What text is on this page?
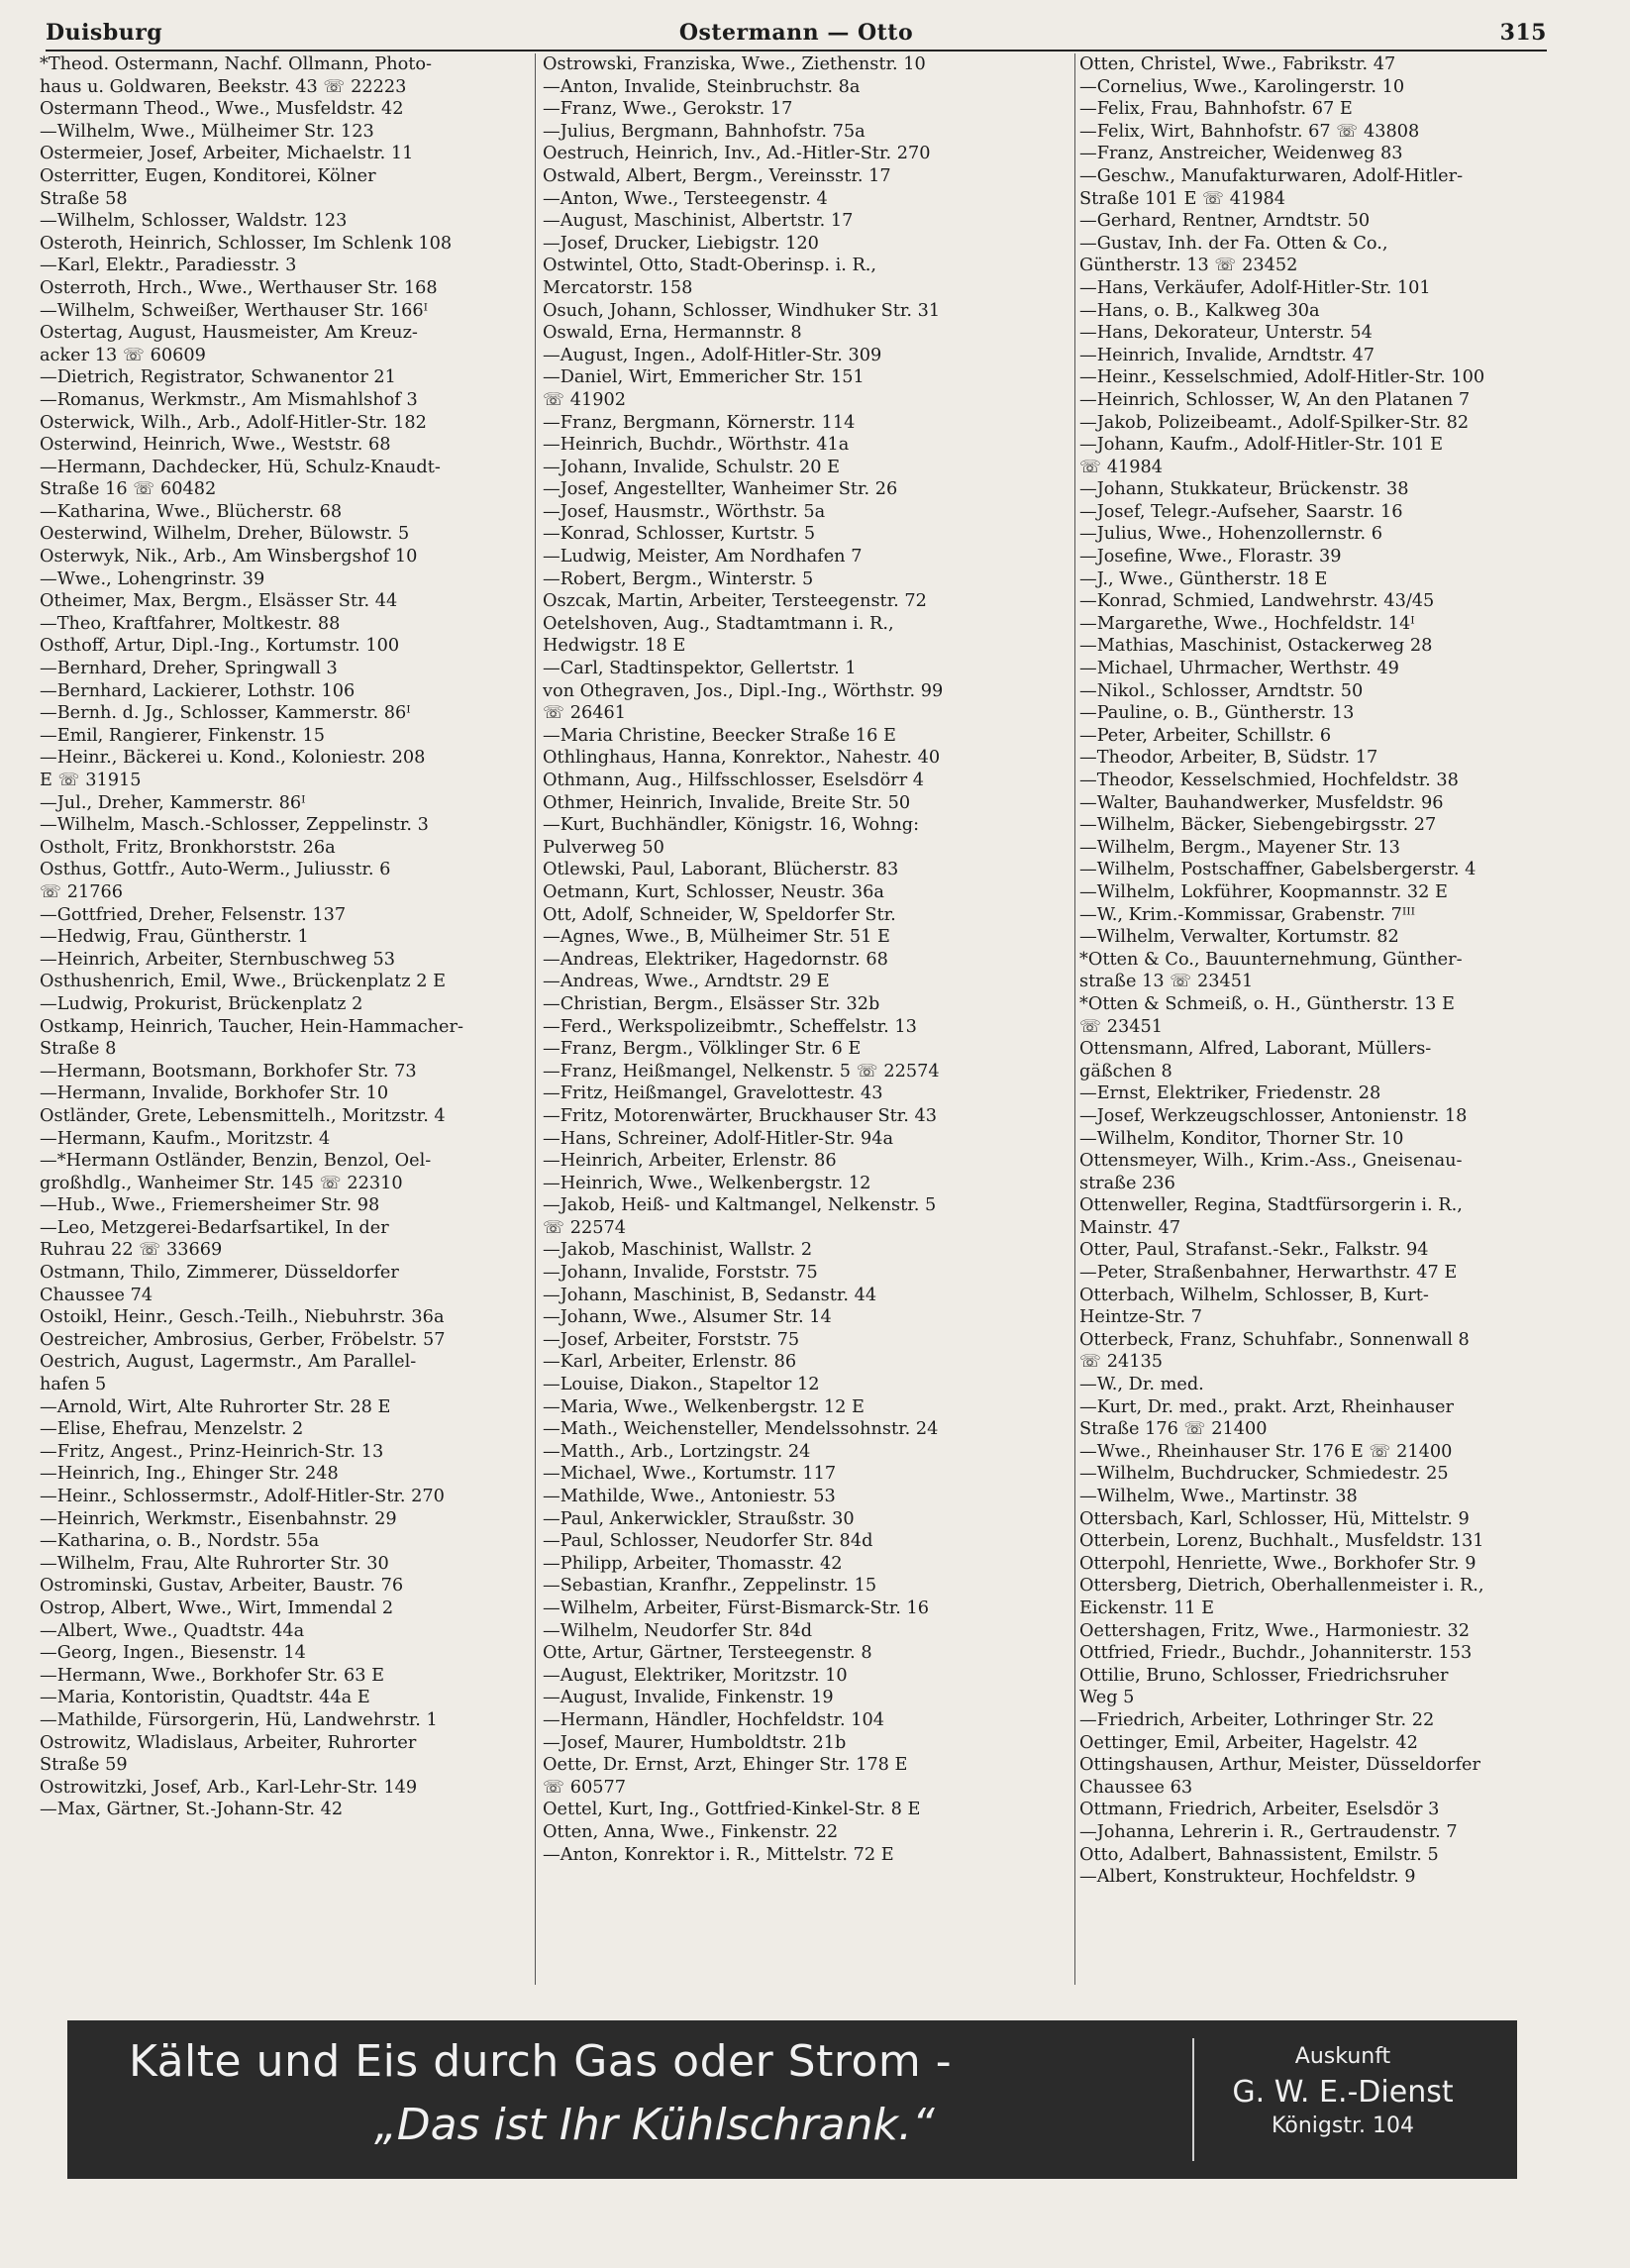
Duisburg	Ostermann — Otto	315
*Theod. Ostermann, Nachf. Ollmann, Photo-
haus u. Goldwaren, Beekstr. 43 ☏ 22223
Ostermann Theod., Wwe., Musfeldstr. 42
—Wilhelm, Wwe., Mülheimer Str. 123
Ostermeier, Josef, Arbeiter, Michaelstr. 11
Osterritter, Eugen, Konditorei, Kölner
Straße 58
—Wilhelm, Schlosser, Waldstr. 123
Osteroth, Heinrich, Schlosser, Im Schlenk 108
—Karl, Elektr., Paradiesstr. 3
Osterroth, Hrch., Wwe., Werthauser Str. 168
—Wilhelm, Schweißer, Werthauser Str. 166ᴵ
Ostertag, August, Hausmeister, Am Kreuz-
acker 13 ☏ 60609
—Dietrich, Registrator, Schwanentor 21
—Romanus, Werkmstr., Am Mismahlshof 3
Osterwick, Wilh., Arb., Adolf-Hitler-Str. 182
Osterwind, Heinrich, Wwe., Weststr. 68
—Hermann, Dachdecker, Hü, Schulz-Knaudt-
Straße 16 ☏ 60482
—Katharina, Wwe., Blücherstr. 68
Oesterwind, Wilhelm, Dreher, Bülowstr. 5
Osterwyk, Nik., Arb., Am Winsbergshof 10
—Wwe., Lohengrinstr. 39
Otheimer, Max, Bergm., Elsässer Str. 44
—Theo, Kraftfahrer, Moltkestr. 88
Osthoff, Artur, Dipl.-Ing., Kortumstr. 100
—Bernhard, Dreher, Springwall 3
—Bernhard, Lackierer, Lothstr. 106
—Bernh. d. Jg., Schlosser, Kammerstr. 86ᴵ
—Emil, Rangierer, Finkenstr. 15
—Heinr., Bäckerei u. Kond., Koloniestr. 208
E ☏ 31915
—Jul., Dreher, Kammerstr. 86ᴵ
—Wilhelm, Masch.-Schlosser, Zeppelinstr. 3
Ostholt, Fritz, Bronkhorststr. 26a
Osthus, Gottfr., Auto-Werm., Juliusstr. 6
☏ 21766
—Gottfried, Dreher, Felsenstr. 137
—Hedwig, Frau, Güntherstr. 1
—Heinrich, Arbeiter, Sternbuschweg 53
Osthushenrich, Emil, Wwe., Brückenplatz 2 E
—Ludwig, Prokurist, Brückenplatz 2
Ostkamp, Heinrich, Taucher, Hein-Hammacher-
Straße 8
—Hermann, Bootsmann, Borkhofer Str. 73
—Hermann, Invalide, Borkhofer Str. 10
Ostländer, Grete, Lebensmittelh., Moritzstr. 4
—Hermann, Kaufm., Moritzstr. 4
—*Hermann Ostländer, Benzin, Benzol, Oel-
großhdlg., Wanheimer Str. 145 ☏ 22310
—Hub., Wwe., Friemersheimer Str. 98
—Leo, Metzgerei-Bedarfsartikel, In der
Ruhrau 22 ☏ 33669
Ostmann, Thilo, Zimmerer, Düsseldorfer
Chaussee 74
Ostoikl, Heinr., Gesch.-Teilh., Niebuhrstr. 36a
Oestreicher, Ambrosius, Gerber, Fröbelstr. 57
Oestrich, August, Lagermstr., Am Parallel-
hafen 5
—Arnold, Wirt, Alte Ruhrorter Str. 28 E
—Elise, Ehefrau, Menzelstr. 2
—Fritz, Angest., Prinz-Heinrich-Str. 13
—Heinrich, Ing., Ehinger Str. 248
—Heinr., Schlossermstr., Adolf-Hitler-Str. 270
—Heinrich, Werkmstr., Eisenbahnstr. 29
—Katharina, o. B., Nordstr. 55a
—Wilhelm, Frau, Alte Ruhrorter Str. 30
Ostrominski, Gustav, Arbeiter, Baustr. 76
Ostrop, Albert, Wwe., Wirt, Immendal 2
—Albert, Wwe., Quadtstr. 44a
—Georg, Ingen., Biesenstr. 14
—Hermann, Wwe., Borkhofer Str. 63 E
—Maria, Kontoristin, Quadtstr. 44a E
—Mathilde, Fürsorgerin, Hü, Landwehrstr. 1
Ostrowitz, Wladislaus, Arbeiter, Ruhrorter
Straße 59
Ostrowitzki, Josef, Arb., Karl-Lehr-Str. 149
—Max, Gärtner, St.-Johann-Str. 42
Ostrowski, Franziska, Wwe., Ziethenstr. 10
—Anton, Invalide, Steinbruchstr. 8a
—Franz, Wwe., Gerokstr. 17
—Julius, Bergmann, Bahnhofstr. 75a
Oestruch, Heinrich, Inv., Ad.-Hitler-Str. 270
Ostwald, Albert, Bergm., Vereinsstr. 17
—Anton, Wwe., Tersteegenstr. 4
—August, Maschinist, Albertstr. 17
—Josef, Drucker, Liebigstr. 120
Ostwintel, Otto, Stadt-Oberinsp. i. R.,
Mercatorstr. 158
Osuch, Johann, Schlosser, Windhuker Str. 31
Oswald, Erna, Hermannstr. 8
—August, Ingen., Adolf-Hitler-Str. 309
—Daniel, Wirt, Emmericher Str. 151
☏ 41902
—Franz, Bergmann, Körnerstr. 114
—Heinrich, Buchdr., Wörthstr. 41a
—Johann, Invalide, Schulstr. 20 E
—Josef, Angestellter, Wanheimer Str. 26
—Josef, Hausmstr., Wörthstr. 5a
—Konrad, Schlosser, Kurtstr. 5
—Ludwig, Meister, Am Nordhafen 7
—Robert, Bergm., Winterstr. 5
Oszcak, Martin, Arbeiter, Tersteegenstr. 72
Oetelshoven, Aug., Stadtamtmann i. R.,
Hedwigstr. 18 E
—Carl, Stadtinspektor, Gellertstr. 1
von Othegraven, Jos., Dipl.-Ing., Wörthstr. 99
☏ 26461
—Maria Christine, Beecker Straße 16 E
Othlinghaus, Hanna, Konrektor., Nahestr. 40
Othmann, Aug., Hilfsschlosser, Eselsdörr 4
Othmer, Heinrich, Invalide, Breite Str. 50
—Kurt, Buchhändler, Königstr. 16, Wohng:
Pulverweg 50
Otlewski, Paul, Laborant, Blücherstr. 83
Oetmann, Kurt, Schlosser, Neustr. 36a
Ott, Adolf, Schneider, W, Speldorfer Str.
—Agnes, Wwe., B, Mülheimer Str. 51 E
—Andreas, Elektriker, Hagedornstr. 68
—Andreas, Wwe., Arndtstr. 29 E
—Christian, Bergm., Elsässer Str. 32b
—Ferd., Werkspolizeibmtr., Scheffelstr. 13
—Franz, Bergm., Völklinger Str. 6 E
—Franz, Heißmangel, Nelkenstr. 5 ☏ 22574
—Fritz, Heißmangel, Gravelottestr. 43
—Fritz, Motorenwärter, Bruckhauser Str. 43
—Hans, Schreiner, Adolf-Hitler-Str. 94a
—Heinrich, Arbeiter, Erlenstr. 86
—Heinrich, Wwe., Welkenbergstr. 12
—Jakob, Heiß- und Kaltmangel, Nelkenstr. 5
☏ 22574
—Jakob, Maschinist, Wallstr. 2
—Johann, Invalide, Forststr. 75
—Johann, Maschinist, B, Sedanstr. 44
—Johann, Wwe., Alsumer Str. 14
—Josef, Arbeiter, Forststr. 75
—Karl, Arbeiter, Erlenstr. 86
—Louise, Diakon., Stapeltor 12
—Maria, Wwe., Welkenbergstr. 12 E
—Math., Weichensteller, Mendelssohnstr. 24
—Matth., Arb., Lortzingstr. 24
—Michael, Wwe., Kortumstr. 117
—Mathilde, Wwe., Antoniestr. 53
—Paul, Ankerwickler, Straußstr. 30
—Paul, Schlosser, Neudorfer Str. 84d
—Philipp, Arbeiter, Thomasstr. 42
—Sebastian, Kranfhr., Zeppelinstr. 15
—Wilhelm, Arbeiter, Fürst-Bismarck-Str. 16
—Wilhelm, Neudorfer Str. 84d
Otte, Artur, Gärtner, Tersteegenstr. 8
—August, Elektriker, Moritzstr. 10
—August, Invalide, Finkenstr. 19
—Hermann, Händler, Hochfeldstr. 104
—Josef, Maurer, Humboldtstr. 21b
Oette, Dr. Ernst, Arzt, Ehinger Str. 178 E
☏ 60577
Oettel, Kurt, Ing., Gottfried-Kinkel-Str. 8 E
Otten, Anna, Wwe., Finkenstr. 22
—Anton, Konrektor i. R., Mittelstr. 72 E
Otten, Christel, Wwe., Fabrikstr. 47
—Cornelius, Wwe., Karolingerstr. 10
—Felix, Frau, Bahnhofstr. 67 E
—Felix, Wirt, Bahnhofstr. 67 ☏ 43808
—Franz, Anstreicher, Weidenweg 83
—Geschw., Manufakturwaren, Adolf-Hitler-
Straße 101 E ☏ 41984
—Gerhard, Rentner, Arndtstr. 50
—Gustav, Inh. der Fa. Otten & Co.,
Güntherstr. 13 ☏ 23452
—Hans, Verkäufer, Adolf-Hitler-Str. 101
—Hans, o. B., Kalkweg 30a
—Hans, Dekorateur, Unterstr. 54
—Heinrich, Invalide, Arndtstr. 47
—Heinr., Kesselschmied, Adolf-Hitler-Str. 100
—Heinrich, Schlosser, W, An den Platanen 7
—Jakob, Polizeibeamt., Adolf-Spilker-Str. 82
—Johann, Kaufm., Adolf-Hitler-Str. 101 E
☏ 41984
—Johann, Stukkateur, Brückenstr. 38
—Josef, Telegr.-Aufseher, Saarstr. 16
—Julius, Wwe., Hohenzollernstr. 6
—Josefine, Wwe., Florastr. 39
—J., Wwe., Güntherstr. 18 E
—Konrad, Schmied, Landwehrstr. 43/45
—Margarethe, Wwe., Hochfeldstr. 14ᴵ
—Mathias, Maschinist, Ostackerweg 28
—Michael, Uhrmacher, Werthstr. 49
—Nikol., Schlosser, Arndtstr. 50
—Pauline, o. B., Güntherstr. 13
—Peter, Arbeiter, Schillstr. 6
—Theodor, Arbeiter, B, Südstr. 17
—Theodor, Kesselschmied, Hochfeldstr. 38
—Walter, Bauhandwerker, Musfeldstr. 96
—Wilhelm, Bäcker, Siebengebirgsstr. 27
—Wilhelm, Bergm., Mayener Str. 13
—Wilhelm, Postschaffner, Gabelsbergerstr. 4
—Wilhelm, Lokführer, Koopmannstr. 32 E
—W., Krim.-Kommissar, Grabenstr. 7ᴵᴵᴵ
—Wilhelm, Verwalter, Kortumstr. 82
*Otten & Co., Bauunternehmung, Günther-
straße 13 ☏ 23451
*Otten & Schmeiß, o. H., Güntherstr. 13 E
☏ 23451
Ottensmann, Alfred, Laborant, Müllers-
gäßchen 8
—Ernst, Elektriker, Friedenstr. 28
—Josef, Werkzeugschlosser, Antonienstr. 18
—Wilhelm, Konditor, Thorner Str. 10
Ottensmeyer, Wilh., Krim.-Ass., Gneisenau-
straße 236
Ottenweller, Regina, Stadtfürsorgerin i. R.,
Mainstr. 47
Otter, Paul, Strafanst.-Sekr., Falkstr. 94
—Peter, Straßenbahner, Herwarthstr. 47 E
Otterbach, Wilhelm, Schlosser, B, Kurt-
Heintze-Str. 7
Otterbeck, Franz, Schuhfabr., Sonnenwall 8
☏ 24135
—W., Dr. med.
—Kurt, Dr. med., prakt. Arzt, Rheinhauser
Straße 176 ☏ 21400
—Wwe., Rheinhauser Str. 176 E ☏ 21400
—Wilhelm, Buchdrucker, Schmiedestr. 25
—Wilhelm, Wwe., Martinstr. 38
Ottersbach, Karl, Schlosser, Hü, Mittelstr. 9
Otterbein, Lorenz, Buchhalt., Musfeldstr. 131
Otterpohl, Henriette, Wwe., Borkhofer Str. 9
Ottersberg, Dietrich, Oberhallenmeister i. R.,
Eickenstr. 11 E
Oettershagen, Fritz, Wwe., Harmoniestr. 32
Ottfried, Friedr., Buchdr., Johanniterstr. 153
Ottilie, Bruno, Schlosser, Friedrichsruher
Weg 5
—Friedrich, Arbeiter, Lothringer Str. 22
Oettinger, Emil, Arbeiter, Hagelstr. 42
Ottingshausen, Arthur, Meister, Düsseldorfer
Chaussee 63
Ottmann, Friedrich, Arbeiter, Eselsdör 3
—Johanna, Lehrerin i. R., Gertraudenstr. 7
Otto, Adalbert, Bahnassistent, Emilstr. 5
—Albert, Konstrukteur, Hochfeldstr. 9
Kälte und Eis durch Gas oder Strom -
„Das ist Ihr Kühlschrank.“
Auskunft
G. W. E.-Dienst
Königstr. 104
